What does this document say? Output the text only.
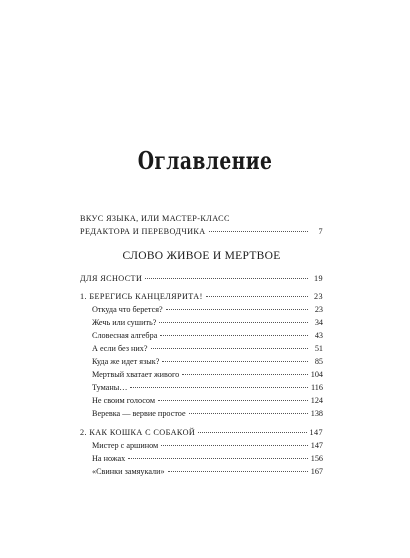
Оглавление
ВКУС ЯЗЫКА, ИЛИ МАСТЕР-КЛАСС
РЕДАКТОРА И ПЕРЕВОДЧИКА	7
СЛОВО ЖИВОЕ И МЕРТВОЕ
ДЛЯ ЯСНОСТИ	19
1. БЕРЕГИСЬ КАНЦЕЛЯРИТА!	23
Откуда что берется?	23
Жечь или сушить?	34
Словесная алгебра	43
А если без них?	51
Куда же идет язык?	85
Мертвый хватает живого	104
Туманы…	116
Не своим голосом	124
Веревка — вервие простое	138
2. КАК КОШКА С СОБАКОЙ	147
Мистер с аршином	147
На ножах	156
«Свинки замяукали»	167
